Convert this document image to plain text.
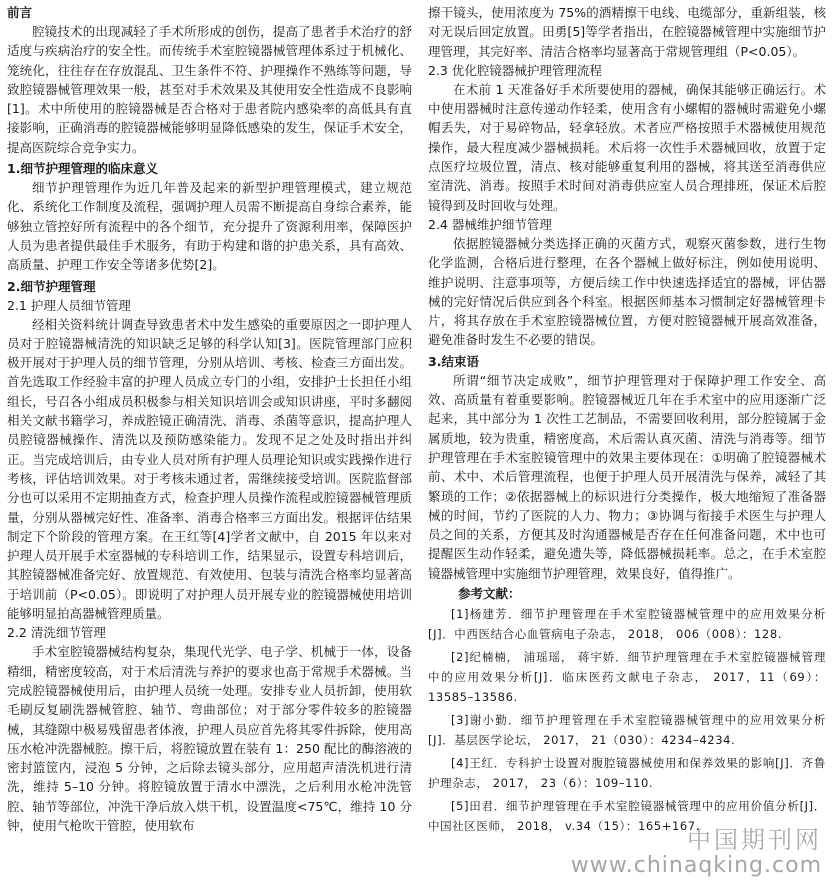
前言

腔镜技术的出现减轻了手术所形成的创伤，提高了患者手术治疗的舒适度与疾病治疗的安全性。而传统手术室腔镜器械管理体系过于机械化、笼统化，往往存在存放混乱、卫生条件不符、护理操作不熟练等问题，导致腔镜器械管理效果一般，甚至对手术效果及其使用安全性造成不良影响[1]。术中所使用的腔镜器械是否合格对于患者院内感染率的高低具有直接影响，正确消毒的腔镜器械能够明显降低感染的发生，保证手术安全，提高医院综合竞争实力。

1.细节护理管理的临床意义

细节护理管理作为近几年普及起来的新型护理管理模式，建立规范化、系统化工作制度及流程，强调护理人员需不断提高自身综合素养，能够独立管控好所有流程中的各个细节，充分提升了资源利用率，保障医护人员为患者提供最佳手术服务，有助于构建和谐的护患关系，具有高效、高质量、护理工作安全等诸多优势[2]。

2.细节护理管理
2.1 护理人员细节管理

经相关资料统计调查导致患者术中发生感染的重要原因之一即护理人员对于腔镜器械清洗的知识缺乏足够的科学认知[3]。医院管理部门应积极开展对于护理人员的细节管理，分别从培训、考核、检查三方面出发。首先选取工作经验丰富的护理人员成立专门的小组，安排护士长担任小组组长，号召各小组成员积极参与相关知识培训会或知识讲座，平时多翻阅相关文献书籍学习，养成腔镜正确清洗、消毒、杀菌等意识，提高护理人员腔镜器械操作、清洗以及预防感染能力。发现不足之处及时指出并纠正。当完成培训后，由专业人员对所有护理人员理论知识或实践操作进行考核，评估培训效果。对于考核未通过者，需继续接受培训。医院监督部分也可以采用不定期抽查方式，检查护理人员操作流程或腔镜器械管理质量，分别从器械完好性、准备率、消毒合格率三方面出发。根据评估结果制定下个阶段的管理方案。在王红等[4]学者文献中，自 2015 年以来对护理人员开展手术室器械的专科培训工作，结果显示，设置专科培训后，其腔镜器械准备完好、放置规范、有效使用、包装与清洗合格率均显著高于培训前（P<0.05）。即说明了对护理人员开展专业的腔镜器械使用培训能够明显拍高器械管理质量。

2.2 清洗细节管理

手术室腔镜器械结构复杂，集现代光学、电子学、机械于一体，设备精细，精密度较高，对于术后清洗与养护的要求也高于常规手术器械。当完成腔镜器械使用后，由护理人员统一处理。安排专业人员折卸，使用软毛刷反复刷洗器械管腔、轴节、弯曲部位；对于部分零件较多的腔镜器械，其缝隙中极易残留患者体液，护理人员应首先将其零件拆除，使用高压水枪冲洗器械腔。擦干后，将腔镜放置在装有 1：250 配比的酶溶液的密封篮筐内，浸泡 5 分钟，之后除去镜头部分，应用超声清洗机进行清洗，维持 5–10 分钟。将腔镜放置于清水中漂洗，之后利用水枪冲洗管腔、轴节等部位，冲洗干净后放入烘干机，设置温度<75℃，维持 10 分钟，使用气枪吹干管腔，使用软布

擦干镜头，使用浓度为 75%的酒精擦干电线、电缆部分，重新组装，核对无误后回定放置。田勇[5]等学者指出，在腔镜器械管理中实施细节护理管理，其完好率、清洁合格率均显著高于常规管理组（P<0.05）。

2.3 优化腔镜器械护理管理流程

在术前 1 天准备好手术所要使用的器械，确保其能够正确运行。术中使用器械时注意传递动作轻柔，使用含有小螺帽的器械时需避免小螺帽丢失，对于易碎物品，轻拿轻放。术者应严格按照手术器械使用规范操作，最大程度减少器械损耗。术后将一次性手术器械回收，放置于定点医疗垃圾位置，清点、核对能够重复利用的器械，将其送至消毒供应室清洗、消毒。按照手术时间对消毒供应室人员合理排班，保证术后腔镜得到及时回收与处理。

2.4 器械维护细节管理

依据腔镜器械分类选择正确的灭菌方式，观察灭菌参数，进行生物化学监测，合格后进行整理，在各个器械上做好标注，例如使用说明、维护说明、注意事项等，方便后续工作中快速选择适宜的器械，评估器械的完好情况后供应到各个科室。根据医师基本习惯制定好器械管理卡片，将其存放在手术室腔镜器械位置，方便对腔镜器械开展高效准备，避免准备时发生不必要的错误。

3.结束语

所谓“细节决定成败”，细节护理管理对于保障护理工作安全、高效、高质量有着重要影响。腔镜器械近几年在手术室中的应用逐渐广泛起来，其中部分为 1 次性工艺制品，不需要回收利用，部分腔镜属于金属质地，较为贵重，精密度高，术后需认真灭菌、清洗与消毒等。细节护理管理在手术室腔镜管理中的效果主要体现在：①明确了腔镜器械术前、术中、术后管理流程，也便于护理人员开展清洗与保养，减轻了其繁琐的工作；②依据器械上的标识进行分类操作，极大地缩短了准备器械的时间，节约了医院的人力、物力；③协调与衔接手术医生与护理人员之间的关系，方便其及时沟通器械是否存在任何准备问题，术中也可提醒医生动作轻柔，避免遗失等，降低器械损耗率。总之，在手术室腔镜器械管理中实施细节护理管理，效果良好，值得推广。

参考文献：

[1]杨建芳．细节护理管理在手术室腔镜器械管理中的应用效果分析[J]．中西医结合心血管病电子杂志， 2018， 006（008）：128.

[2]纪楠楠， 浦瑶瑶， 蒋宇娇．细节护理管理在手术室腔镜器械管理中的应用效果分析[J]．临床医药文献电子杂志， 2017，11（69）：13585–13586.

[3]谢小勤．细节护理管理在手术室腔镜器械管理中的应用效果分析[J]．基层医学论坛， 2017， 21（030）：4234–4234.

[4]王红．专科护士设置对腹腔镜器械使用和保养效果的影响[J]．齐鲁护理杂志， 2017， 23（6）：109–110.

[5]田君．细节护理管理在手术室腔镜器械管理中的应用价值分析[J]．中国社区医师， 2018， v.34（15）：165+167.

中国期刊网
www.chinaqking.com
